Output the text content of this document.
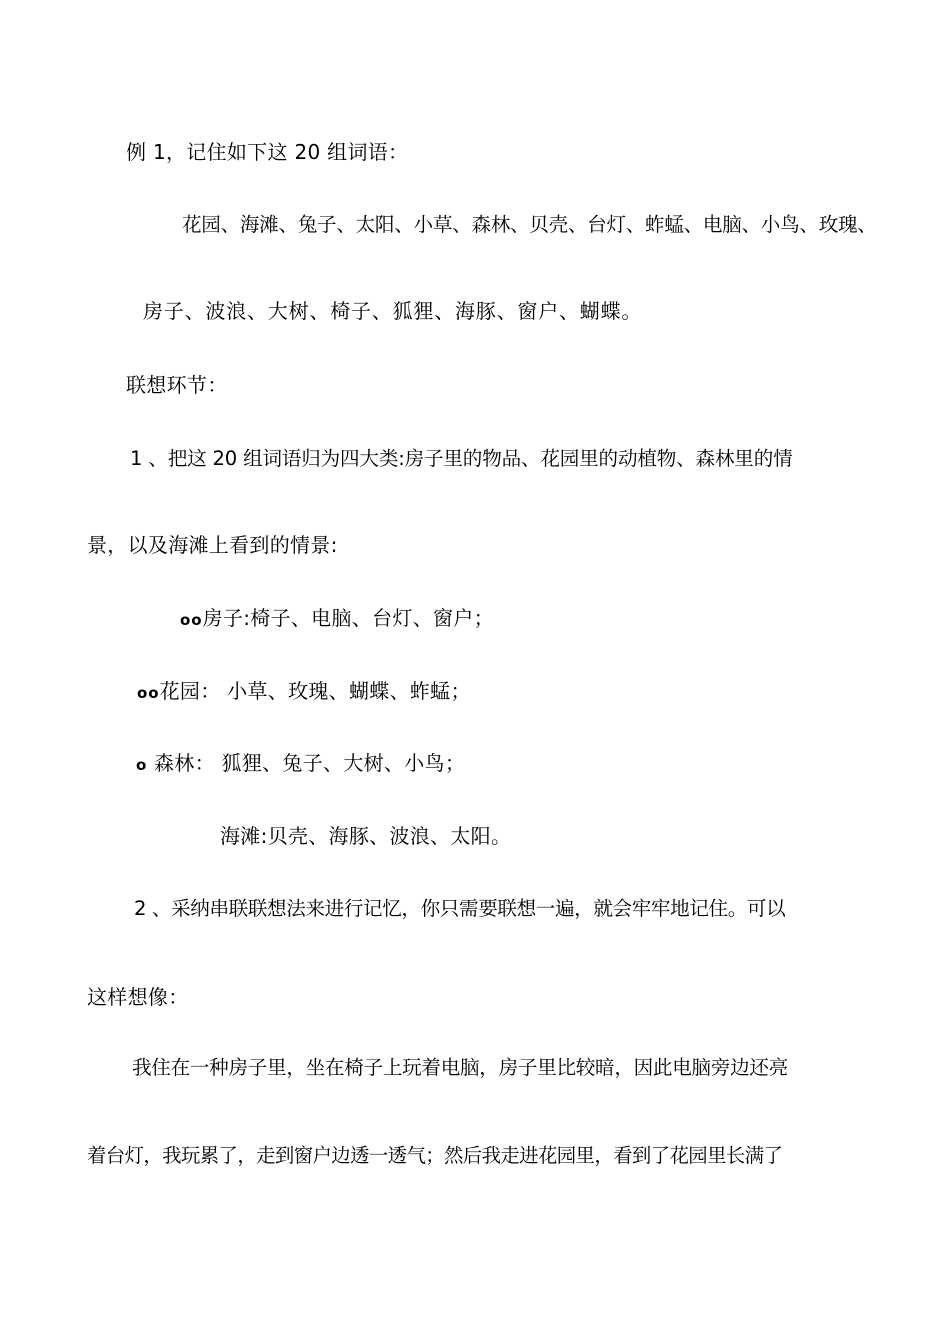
例 1，记住如下这 20 组词语：
花园、海滩、兔子、太阳、小草、森林、贝壳、台灯、蚱蜢、电脑、小鸟、玫瑰、
房子、波浪、大树、椅子、狐狸、海豚、窗户、蝴蝶。
联想环节：
1 、把这 20 组词语归为四大类:房子里的物品、花园里的动植物、森林里的情
景，以及海滩上看到的情景:
oo房子:椅子、电脑、台灯、窗户；
oo花园： 小草、玫瑰、蝴蝶、蚱蜢；
o 森林： 狐狸、兔子、大树、小鸟；
海滩:贝壳、海豚、波浪、太阳。
2 、采纳串联联想法来进行记忆，你只需要联想一遍，就会牢牢地记住。可以
这样想像：
我住在一种房子里，坐在椅子上玩着电脑，房子里比较暗，因此电脑旁边还亮
着台灯，我玩累了，走到窗户边透一透气；然后我走进花园里，看到了花园里长满了
